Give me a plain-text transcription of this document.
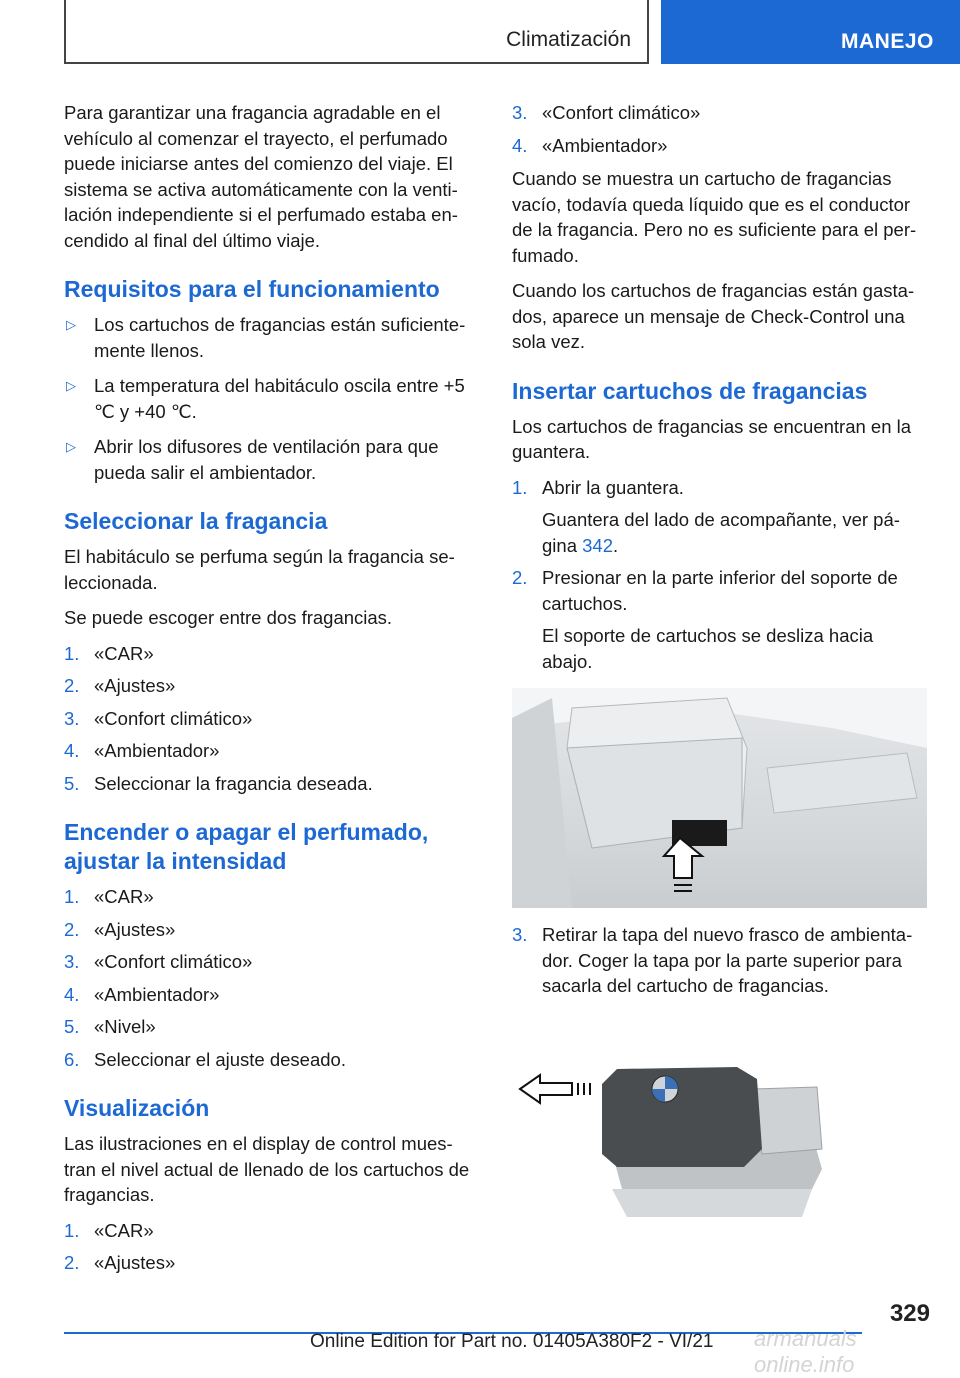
Climatización	MANEJO

Para garantizar una fragancia agradable en el vehículo al comenzar el trayecto, el perfumado puede iniciarse antes del comienzo del viaje. El sistema se activa automáticamente con la ventilación independiente si el perfumado estaba encendido al final del último viaje.

Requisitos para el funcionamiento
▷ Los cartuchos de fragancias están suficientemente llenos.
▷ La temperatura del habitáculo oscila entre +5 ℃ y +40 ℃.
▷ Abrir los difusores de ventilación para que pueda salir el ambientador.
Seleccionar la fragancia

El habitáculo se perfuma según la fragancia seleccionada.

Se puede escoger entre dos fragancias.

1. «CAR»
2. «Ajustes»
3. «Confort climático»
4. «Ambientador»
5. Seleccionar la fragancia deseada.
Encender o apagar el perfumado, ajustar la intensidad
1. «CAR»
2. «Ajustes»
3. «Confort climático»
4. «Ambientador»
5. «Nivel»
6. Seleccionar el ajuste deseado.
Visualización

Las ilustraciones en el display de control muestran el nivel actual de llenado de los cartuchos de fragancias.

1. «CAR»
2. «Ajustes»
3. «Confort climático»
4. «Ambientador»

Cuando se muestra un cartucho de fragancias vacío, todavía queda líquido que es el conductor de la fragancia. Pero no es suficiente para el perfumado.

Cuando los cartuchos de fragancias están gastados, aparece un mensaje de Check-Control una sola vez.

Insertar cartuchos de fragancias

Los cartuchos de fragancias se encuentran en la guantera.

1. Abrir la guantera.
Guantera del lado de acompañante, ver página 342.
2. Presionar en la parte inferior del soporte de cartuchos.
El soporte de cartuchos se desliza hacia abajo.
3. Retirar la tapa del nuevo frasco de ambientador. Coger la tapa por la parte superior para sacarla del cartucho de fragancias.
329
Online Edition for Part no. 01405A380F2 - VI/21 armanuals online.info
